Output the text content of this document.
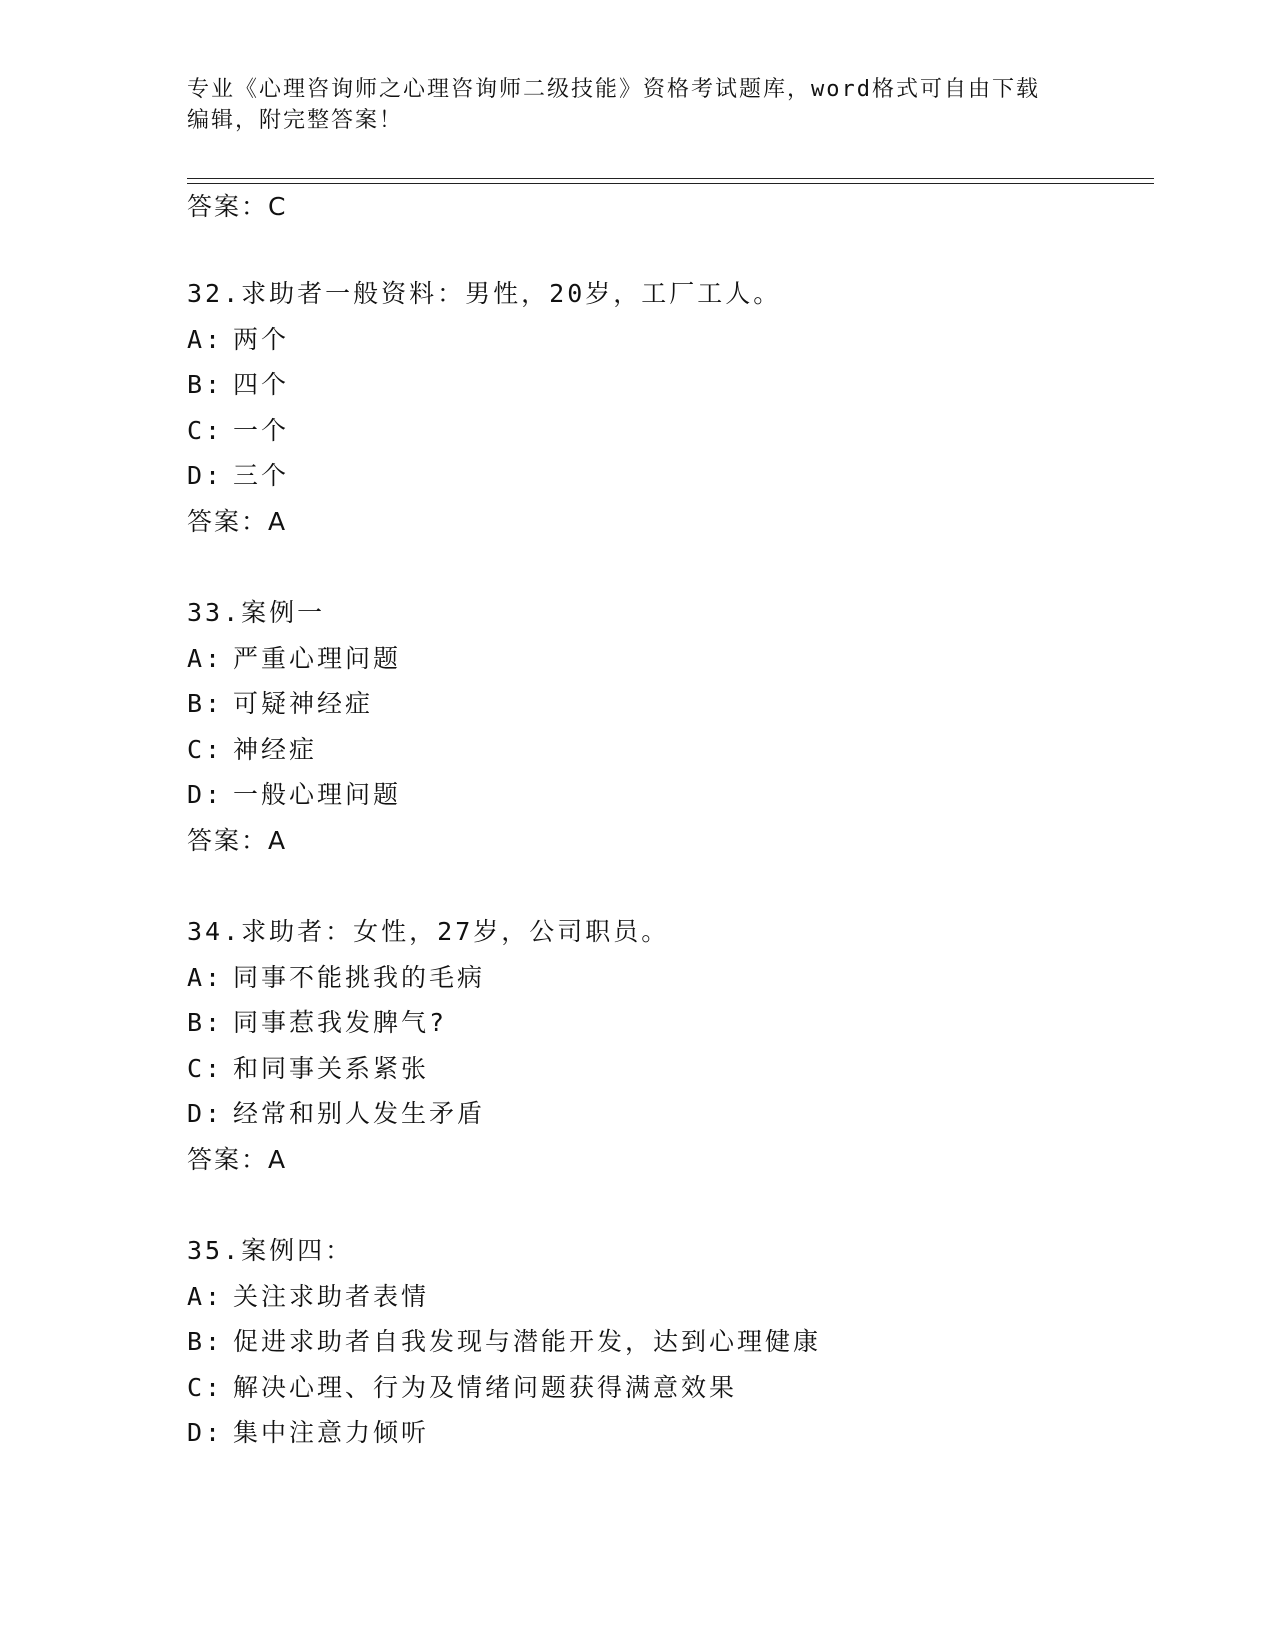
专业《心理咨询师之心理咨询师二级技能》资格考试题库，word格式可自由下载
编辑，附完整答案！
答案：C
32.求助者一般资料：男性，20岁，工厂工人。
A: 两个
B: 四个
C: 一个
D: 三个
答案：A
33.案例一
A: 严重心理问题
B: 可疑神经症
C: 神经症
D: 一般心理问题
答案：A
34.求助者：女性，27岁，公司职员。
A: 同事不能挑我的毛病
B: 同事惹我发脾气?
C: 和同事关系紧张
D: 经常和别人发生矛盾
答案：A
35.案例四：
A: 关注求助者表情
B: 促进求助者自我发现与潜能开发，达到心理健康
C: 解决心理、行为及情绪问题获得满意效果
D: 集中注意力倾听
